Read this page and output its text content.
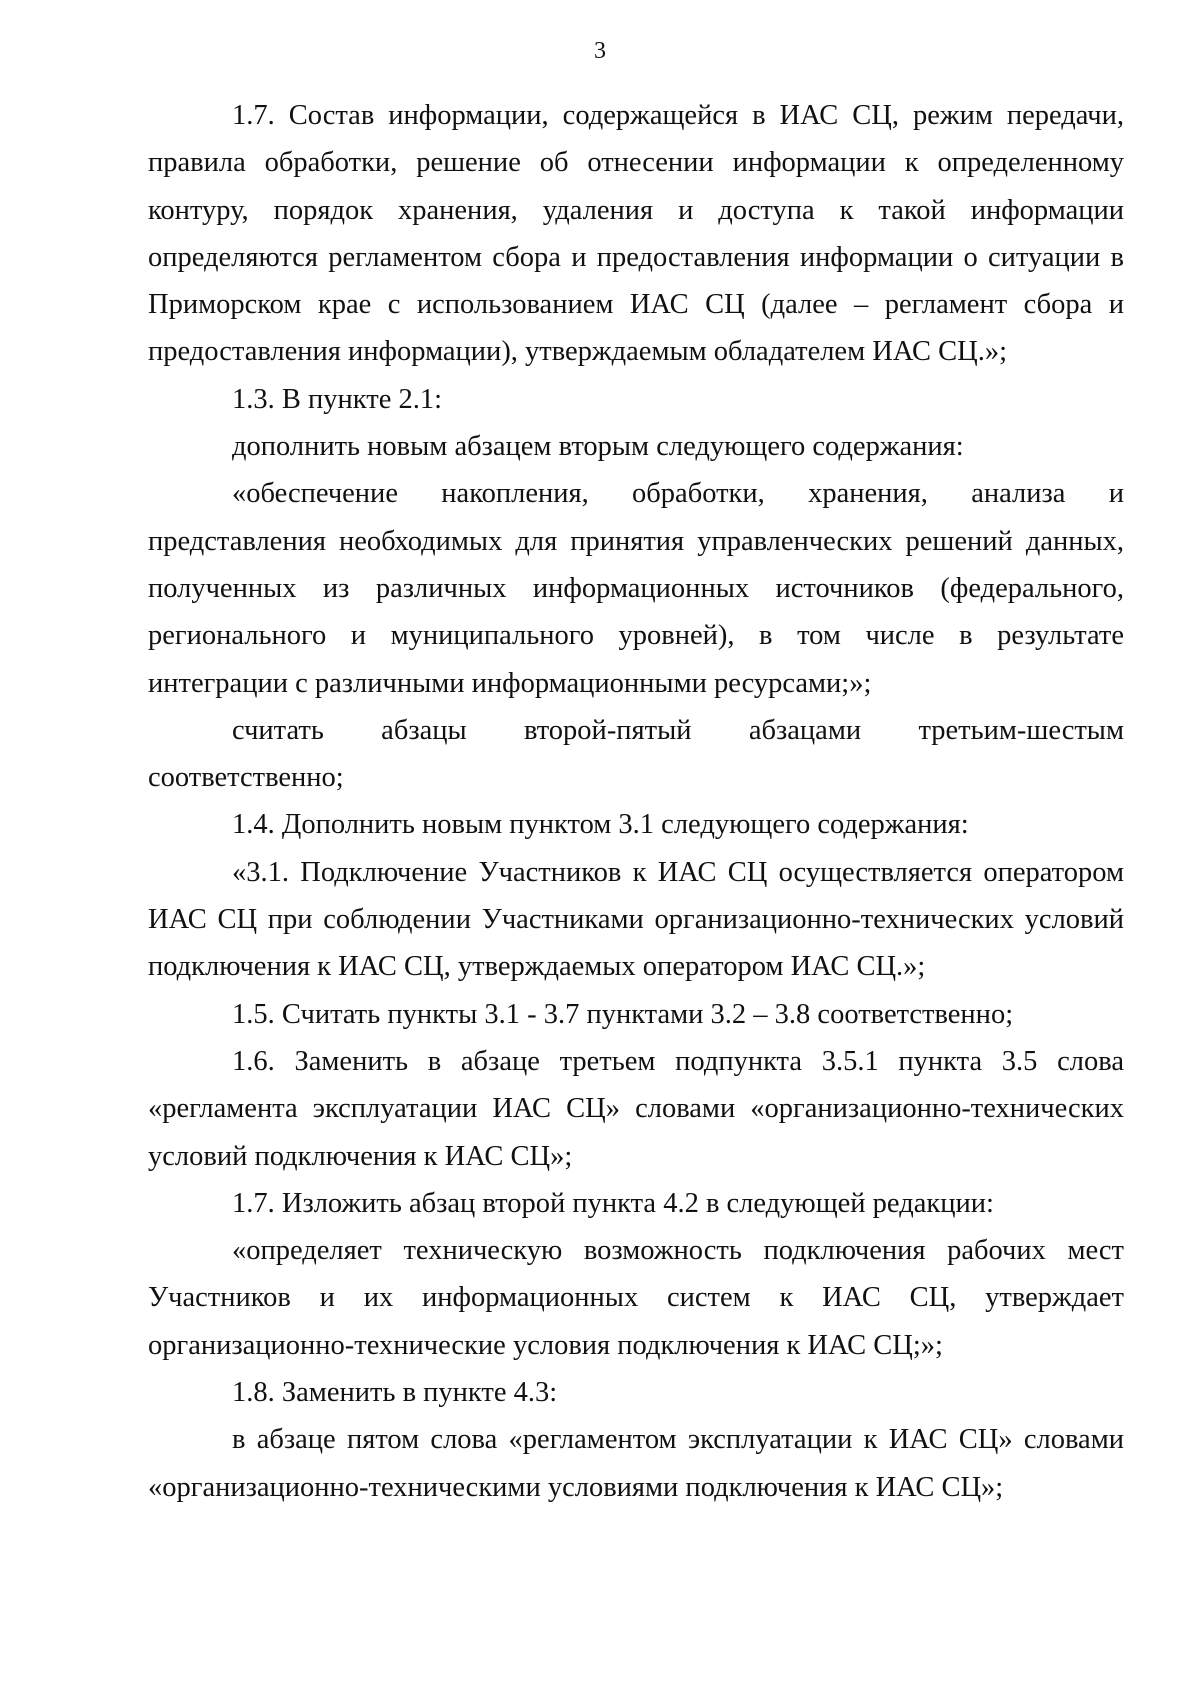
3

1.7. Состав информации, содержащейся в ИАС СЦ, режим передачи, правила обработки, решение об отнесении информации к определенному контуру, порядок хранения, удаления и доступа к такой информации определяются регламентом сбора и предоставления информации о ситуации в Приморском крае с использованием ИАС СЦ (далее – регламент сбора и предоставления информации), утверждаемым обладателем ИАС СЦ.»;

1.3. В пункте 2.1:

дополнить новым абзацем вторым следующего содержания:

«обеспечение накопления, обработки, хранения, анализа и представления необходимых для принятия управленческих решений данных, полученных из различных информационных источников (федерального, регионального и муниципального уровней), в том числе в результате интеграции с различными информационными ресурсами;»;

считать абзацы второй-пятый абзацами третьим-шестым соответственно;

1.4. Дополнить новым пунктом 3.1 следующего содержания:

«3.1. Подключение Участников к ИАС СЦ осуществляется оператором ИАС СЦ при соблюдении Участниками организационно-технических условий подключения к ИАС СЦ, утверждаемых оператором ИАС СЦ.»;

1.5. Считать пункты 3.1 - 3.7 пунктами 3.2 – 3.8 соответственно;

1.6. Заменить в абзаце третьем подпункта 3.5.1 пункта 3.5 слова «регламента эксплуатации ИАС СЦ» словами «организационно-технических условий подключения к ИАС СЦ»;

1.7. Изложить абзац второй пункта 4.2 в следующей редакции:

«определяет техническую возможность подключения рабочих мест Участников и их информационных систем к ИАС СЦ, утверждает организационно-технические условия подключения к ИАС СЦ;»;

1.8. Заменить в пункте 4.3:

в абзаце пятом слова «регламентом эксплуатации к ИАС СЦ» словами «организационно-техническими условиями подключения к ИАС СЦ»;
